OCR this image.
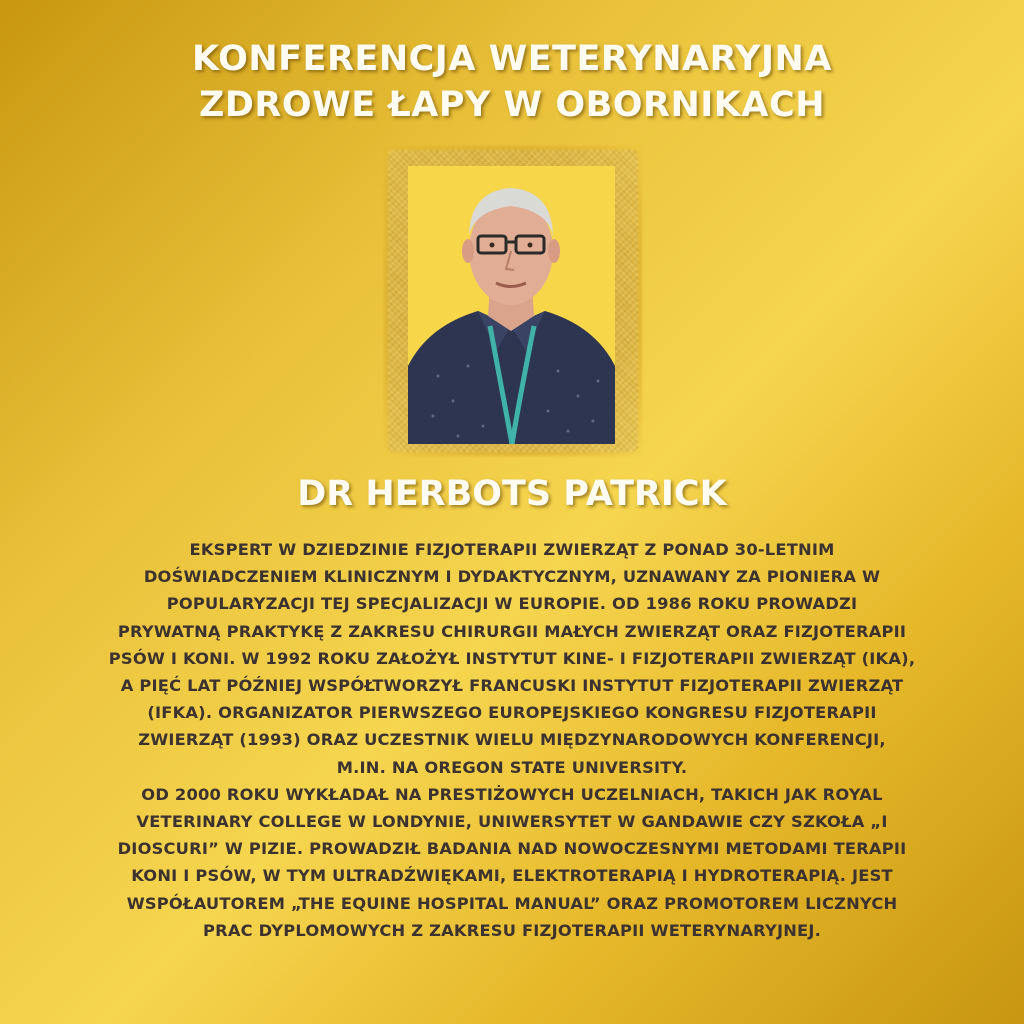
KONFERENCJA WETERYNARYJNA
ZDROWE ŁAPY W OBORNIKACH
DR HERBOTS PATRICK
EKSPERT W DZIEDZINIE FIZJOTERAPII ZWIERZĄT Z PONAD 30-LETNIM
DOŚWIADCZENIEM KLINICZNYM I DYDAKTYCZNYM, UZNAWANY ZA PIONIERA W
POPULARYZACJI TEJ SPECJALIZACJI W EUROPIE. OD 1986 ROKU PROWADZI
PRYWATNĄ PRAKTYKĘ Z ZAKRESU CHIRURGII MAŁYCH ZWIERZĄT ORAZ FIZJOTERAPII
PSÓW I KONI. W 1992 ROKU ZAŁOŻYŁ INSTYTUT KINE- I FIZJOTERAPII ZWIERZĄT (IKA),
A PIĘĆ LAT PÓŹNIEJ WSPÓŁTWORZYŁ FRANCUSKI INSTYTUT FIZJOTERAPII ZWIERZĄT
(IFKA). ORGANIZATOR PIERWSZEGO EUROPEJSKIEGO KONGRESU FIZJOTERAPII
ZWIERZĄT (1993) ORAZ UCZESTNIK WIELU MIĘDZYNARODOWYCH KONFERENCJI,
M.IN. NA OREGON STATE UNIVERSITY.
OD 2000 ROKU WYKŁADAŁ NA PRESTIŻOWYCH UCZELNIACH, TAKICH JAK ROYAL
VETERINARY COLLEGE W LONDYNIE, UNIWERSYTET W GANDAWIE CZY SZKOŁA „I
DIOSCURI” W PIZIE. PROWADZIŁ BADANIA NAD NOWOCZESNYMI METODAMI TERAPII
KONI I PSÓW, W TYM ULTRADŹWIĘKAMI, ELEKTROTERAPIĄ I HYDROTERAPIĄ. JEST
WSPÓŁAUTOREM „THE EQUINE HOSPITAL MANUAL” ORAZ PROMOTOREM LICZNYCH
PRAC DYPLOMOWYCH Z ZAKRESU FIZJOTERAPII WETERYNARYJNEJ.
